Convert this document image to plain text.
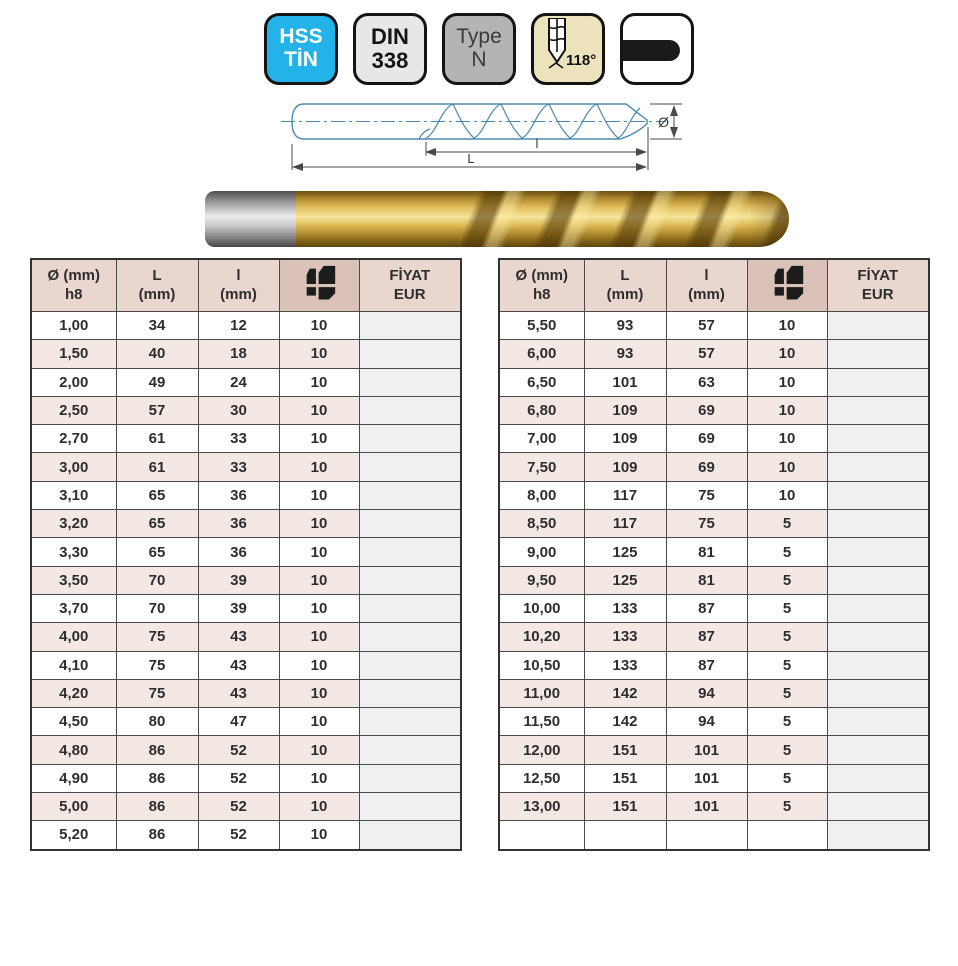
HSS
TİN
DIN
338
Type
N	118°
Ø
l
L
Ø (mm)
h8

L
(mm)

l
(mm)

FİYAT
EUR

1,00	34	12	10	
1,50	40	18	10	
2,00	49	24	10	
2,50	57	30	10	
2,70	61	33	10	
3,00	61	33	10	
3,10	65	36	10	
3,20	65	36	10	
3,30	65	36	10	
3,50	70	39	10	
3,70	70	39	10	
4,00	75	43	10	
4,10	75	43	10	
4,20	75	43	10	
4,50	80	47	10	
4,80	86	52	10	
4,90	86	52	10	
5,00	86	52	10	
5,20	86	52	10	
Ø (mm)
h8

L
(mm)

l
(mm)

FİYAT
EUR

5,50	93	57	10	
6,00	93	57	10	
6,50	101	63	10	
6,80	109	69	10	
7,00	109	69	10	
7,50	109	69	10	
8,00	117	75	10	
8,50	117	75	5	
9,00	125	81	5	
9,50	125	81	5	
10,00	133	87	5	
10,20	133	87	5	
10,50	133	87	5	
11,00	142	94	5	
11,50	142	94	5	
12,00	151	101	5	
12,50	151	101	5	
13,00	151	101	5	
